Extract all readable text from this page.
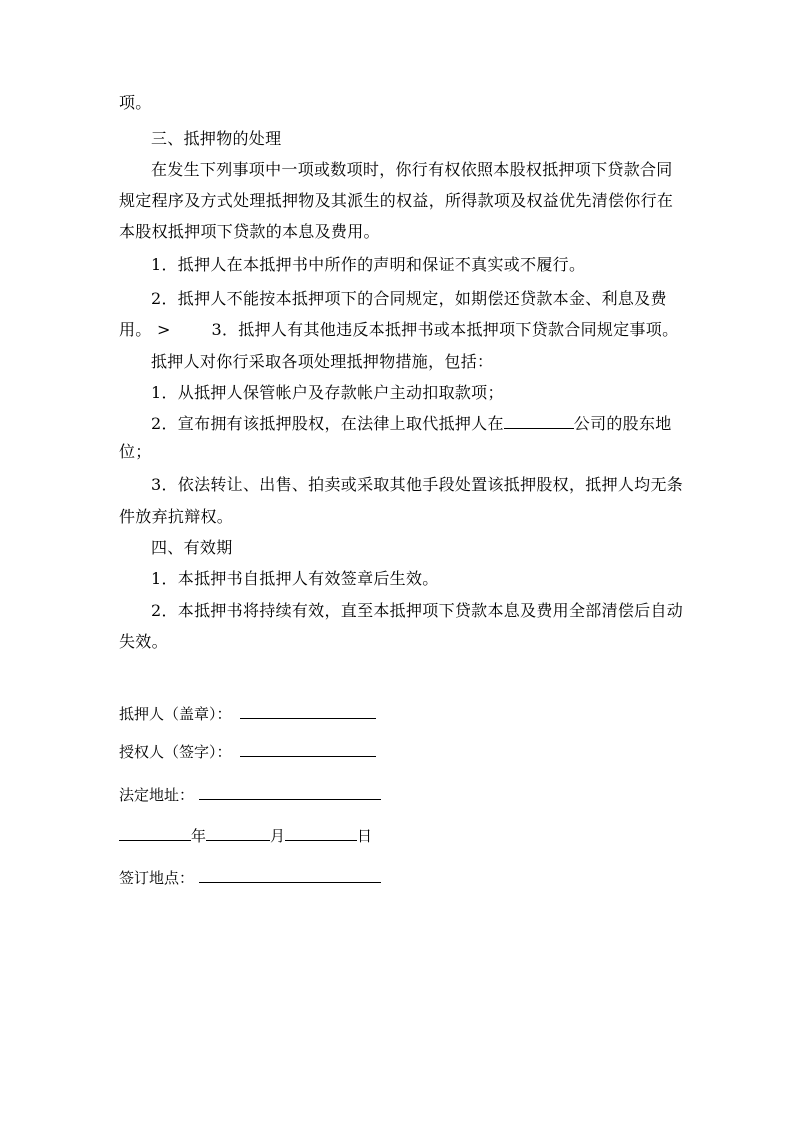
项。

三、抵押物的处理

在发生下列事项中一项或数项时，你行有权依照本股权抵押项下贷款合同

规定程序及方式处理抵押物及其派生的权益，所得款项及权益优先清偿你行在

本股权抵押项下贷款的本息及费用。

1．抵押人在本抵押书中所作的声明和保证不真实或不履行。

2．抵押人不能按本抵押项下的合同规定，如期偿还贷款本金、利息及费

用。 >	3．抵押人有其他违反本抵押书或本抵押项下贷款合同规定事项。

抵押人对你行采取各项处理抵押物措施，包括：

1．从抵押人保管帐户及存款帐户主动扣取款项；

2．宣布拥有该抵押股权，在法律上取代抵押人在	公司的股东地

位；

3．依法转让、出售、拍卖或采取其他手段处置该抵押股权，抵押人均无条

件放弃抗辩权。

四、有效期

1．本抵押书自抵押人有效签章后生效。

2．本抵押书将持续有效，直至本抵押项下贷款本息及费用全部清偿后自动

失效。

抵押人（盖章）：
授权人（签字）：
法定地址：
年	月	日
签订地点：
